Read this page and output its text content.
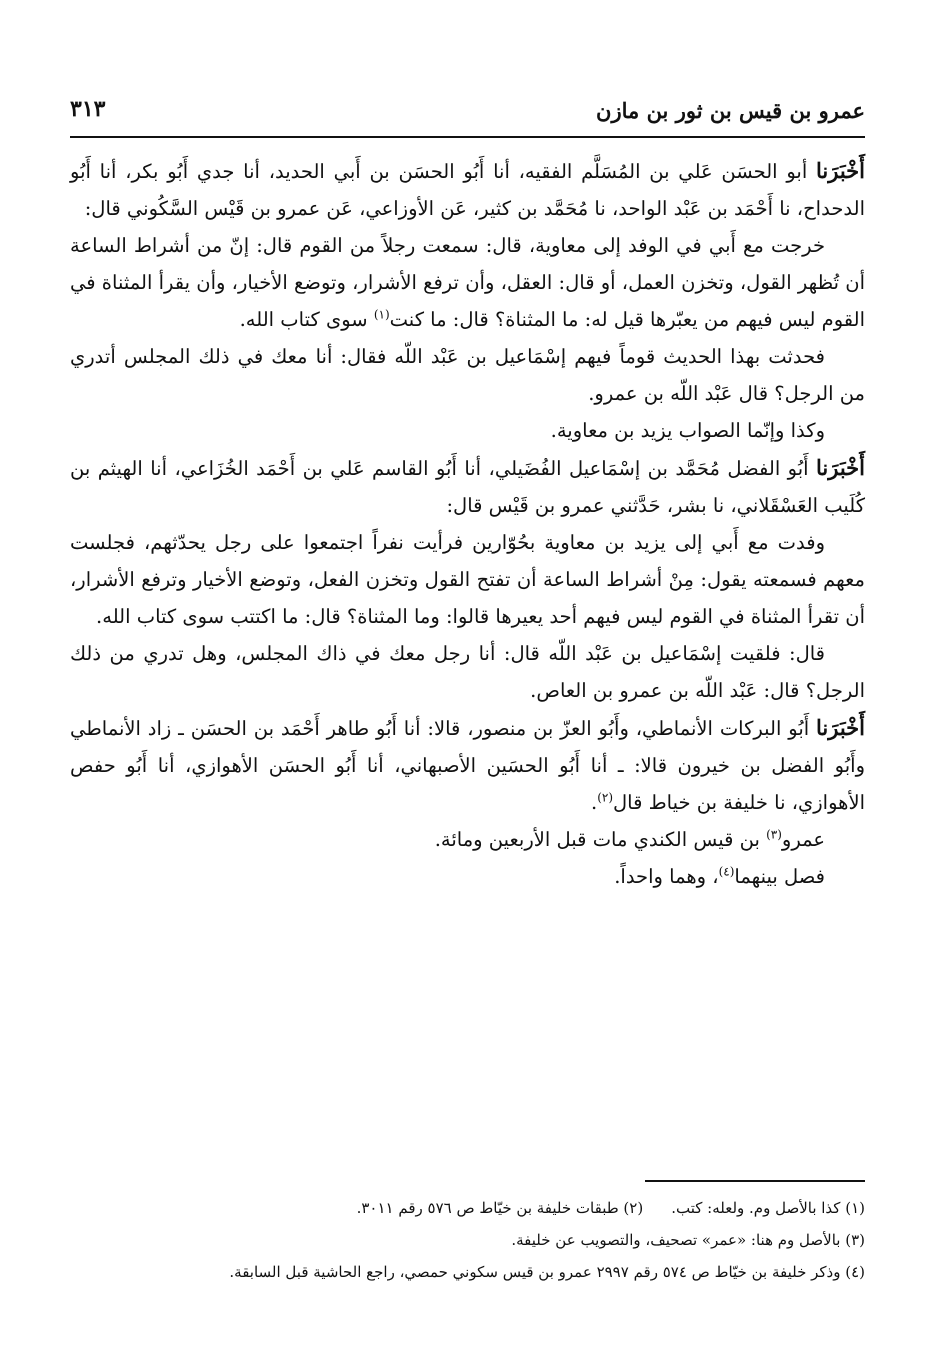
عمرو بن قيس بن ثور بن مازن
٣١٣

أَخْبَرَنا أبو الحسَن عَلي بن المُسَلَّم الفقيه، أنا أَبُو الحسَن بن أَبي الحديد، أنا جدي أَبُو بكر، أنا أَبُو الدحداح، نا أَحْمَد بن عَبْد الواحد، نا مُحَمَّد بن كثير، عَن الأوزاعي، عَن عمرو بن قَيْس السَّكُوني قال:

خرجت مع أَبي في الوفد إلى معاوية، قال: سمعت رجلاً من القوم قال: إنّ من أشراط الساعة أن تُظهر القول، وتخزن العمل، أو قال: العقل، وأن ترفع الأشرار، وتوضع الأخيار، وأن يقرأ المثناة في القوم ليس فيهم من يعبّرها قيل له: ما المثناة؟ قال: ما كنت$^{(١)}$ سوى كتاب الله.

فحدثت بهذا الحديث قوماً فيهم إسْمَاعيل بن عَبْد اللّه فقال: أنا معك في ذلك المجلس أتدري من الرجل؟ قال عَبْد اللّه بن عمرو.

وكذا وإنّما الصواب يزيد بن معاوية.

أَخْبَرَنا أَبُو الفضل مُحَمَّد بن إسْمَاعيل الفُضَيلي، أنا أَبُو القاسم عَلي بن أَحْمَد الخُزَاعي، أنا الهيثم بن كُلَيب العَسْقَلاني، نا بشر، حَدَّثني عمرو بن قَيْس قال:

وفدت مع أَبي إلى يزيد بن معاوية بحُوّارين فرأيت نفراً اجتمعوا على رجل يحدّثهم، فجلست معهم فسمعته يقول: مِنْ أشراط الساعة أن تفتح القول وتخزن الفعل، وتوضع الأخيار وترفع الأشرار، أن تقرأ المثناة في القوم ليس فيهم أحد يعيرها قالوا: وما المثناة؟ قال: ما اكتتب سوى كتاب الله.

قال: فلقيت إسْمَاعيل بن عَبْد اللّه قال: أنا رجل معك في ذاك المجلس، وهل تدري من ذلك الرجل؟ قال: عَبْد اللّه بن عمرو بن العاص.

أَخْبَرَنا أَبُو البركات الأنماطي، وأَبُو العزّ بن منصور، قالا: أنا أَبُو طاهر أَحْمَد بن الحسَن ـ زاد الأنماطي وأَبُو الفضل بن خيرون قالا: ـ أنا أَبُو الحسَين الأصبهاني، أنا أَبُو الحسَن الأهوازي، أنا أَبُو حفص الأهوازي، نا خليفة بن خياط قال$^{(٢)}$.

عمرو$^{(٣)}$ بن قيس الكندي مات قبل الأربعين ومائة.

فصل بينهما$^{(٤)}$، وهما واحداً.

(١) كذا بالأصل وم. ولعله: كتب.
(٢) طبقات خليفة بن خيّاط ص ٥٧٦ رقم ٣٠١١.
(٣) بالأصل وم هنا: «عمر» تصحيف، والتصويب عن خليفة.
(٤) وذكر خليفة بن خيّاط ص ٥٧٤ رقم ٢٩٩٧ عمرو بن قيس سكوني حمصي، راجع الحاشية قبل السابقة.
